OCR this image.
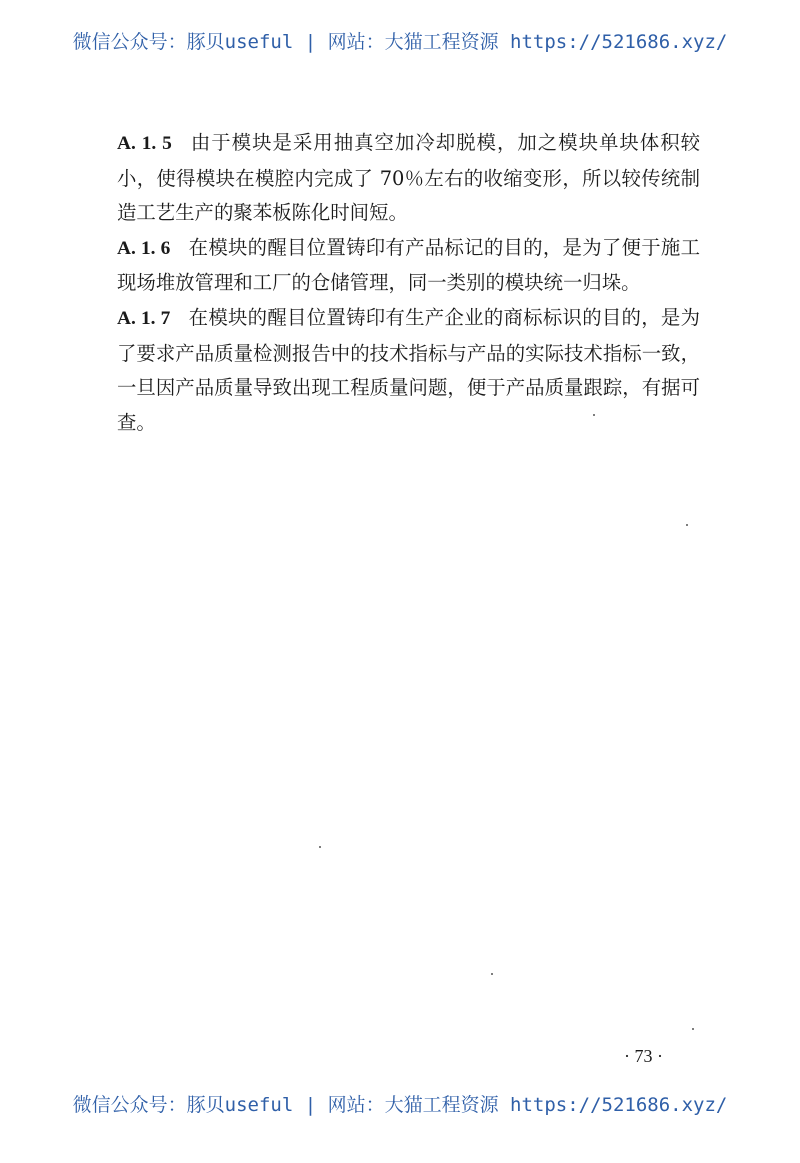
微信公众号：豚贝useful | 网站：大猫工程资源 https://521686.xyz/

A. 1. 5 由于模块是采用抽真空加冷却脱模，加之模块单块体积较小，使得模块在模腔内完成了 70％左右的收缩变形，所以较传统制造工艺生产的聚苯板陈化时间短。

A. 1. 6 在模块的醒目位置铸印有产品标记的目的，是为了便于施工现场堆放管理和工厂的仓储管理，同一类别的模块统一归垛。

A. 1. 7 在模块的醒目位置铸印有生产企业的商标标识的目的，是为了要求产品质量检测报告中的技术指标与产品的实际技术指标一致，一旦因产品质量导致出现工程质量问题，便于产品质量跟踪，有据可查。

· 73 ·
微信公众号：豚贝useful | 网站：大猫工程资源 https://521686.xyz/
